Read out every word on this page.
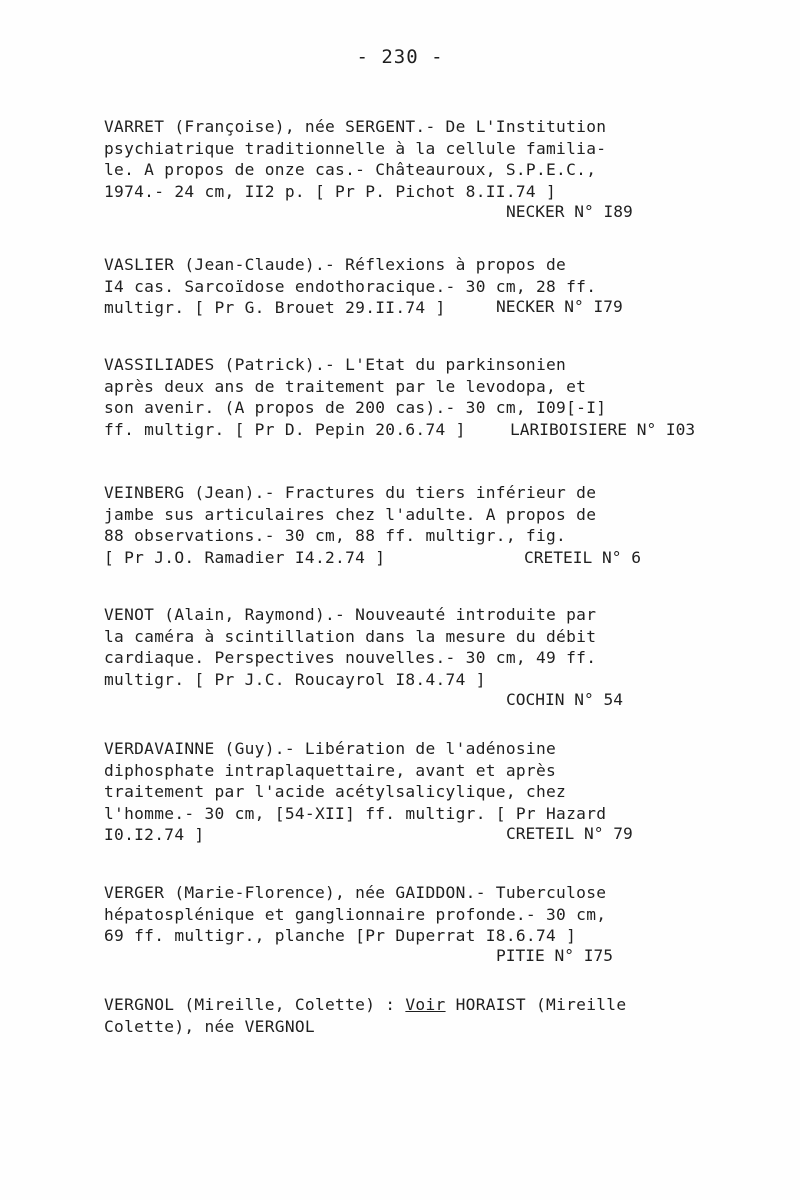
- 230 -
VARRET (Françoise), née SERGENT.- De L'Institution
psychiatrique traditionnelle à la cellule familia-
le. A propos de onze cas.- Châteauroux, S.P.E.C.,
1974.- 24 cm, II2 p. [ Pr P. Pichot 8.II.74 ]
NECKER N° I89
VASLIER (Jean-Claude).- Réflexions à propos de
I4 cas. Sarcoïdose endothoracique.- 30 cm, 28 ff.
multigr. [ Pr G. Brouet 29.II.74 ]	NECKER N° I79
VASSILIADES (Patrick).- L'Etat du parkinsonien
après deux ans de traitement par le levodopa, et
son avenir. (A propos de 200 cas).- 30 cm, I09[-I]
ff. multigr. [ Pr D. Pepin 20.6.74 ]	LARIBOISIERE N° I03
VEINBERG (Jean).- Fractures du tiers inférieur de
jambe sus articulaires chez l'adulte. A propos de
88 observations.- 30 cm, 88 ff. multigr., fig.
[ Pr J.O. Ramadier I4.2.74 ]	CRETEIL N° 6
VENOT (Alain, Raymond).- Nouveauté introduite par
la caméra à scintillation dans la mesure du débit
cardiaque. Perspectives nouvelles.- 30 cm, 49 ff.
multigr. [ Pr J.C. Roucayrol I8.4.74 ]
COCHIN N° 54
VERDAVAINNE (Guy).- Libération de l'adénosine
diphosphate intraplaquettaire, avant et après
traitement par l'acide acétylsalicylique, chez
l'homme.- 30 cm, [54-XII] ff. multigr. [ Pr Hazard
I0.I2.74 ]	CRETEIL N° 79
VERGER (Marie-Florence), née GAIDDON.- Tuberculose
hépatosplénique et ganglionnaire profonde.- 30 cm,
69 ff. multigr., planche [Pr Duperrat I8.6.74 ]
PITIE N° I75
VERGNOL (Mireille, Colette) : Voir HORAIST (Mireille
Colette), née VERGNOL
